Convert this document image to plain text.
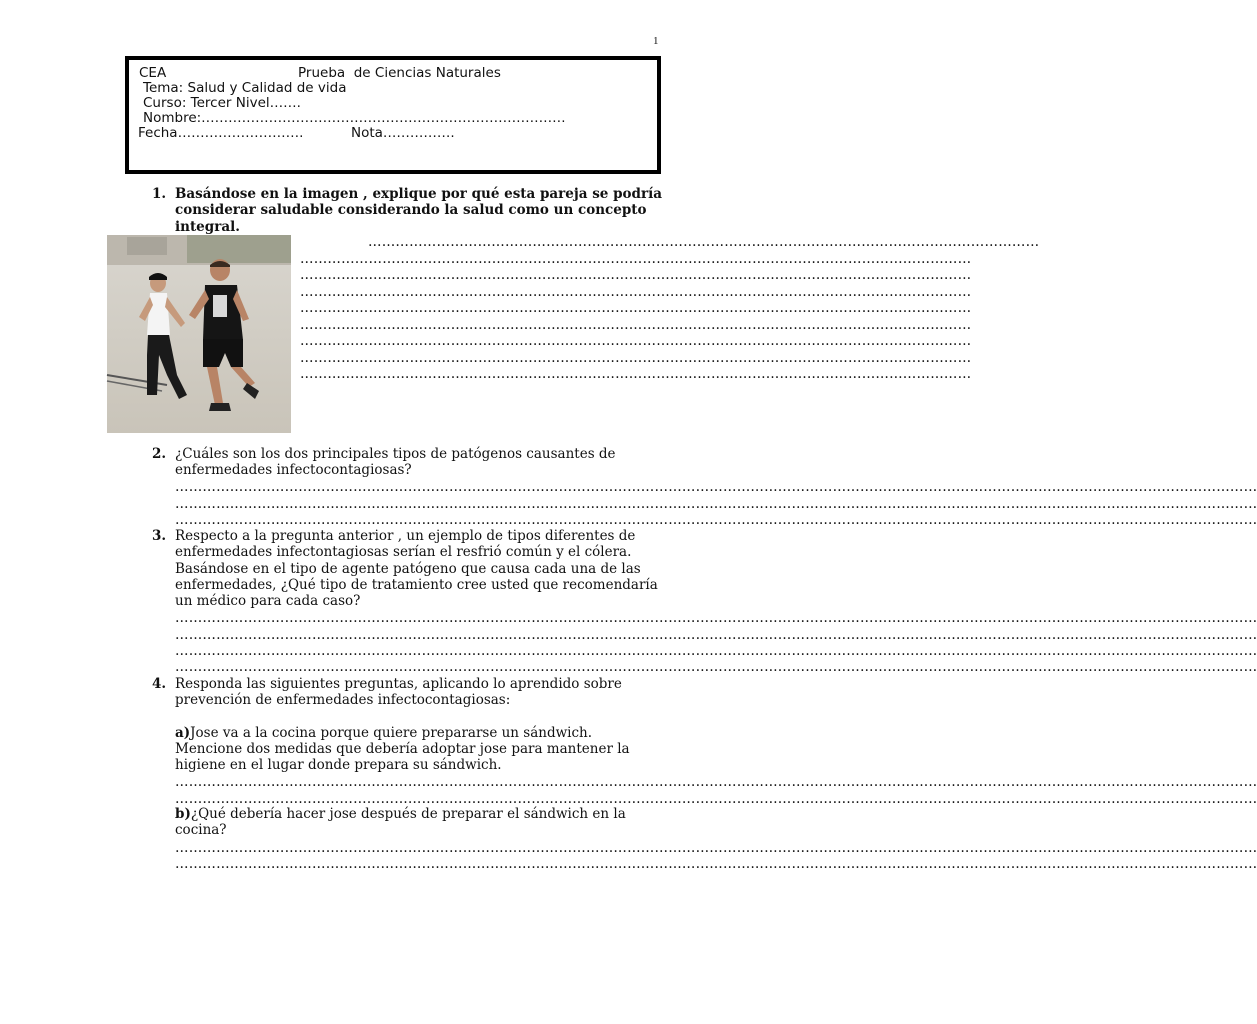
1
CEA	Prueba  de Ciencias Naturales
Tema: Salud y Calidad de vida
Curso: Tercer Nivel…….
Nombre:………………………………………………………………………
Fecha……………………….	Nota…………….
1. Basándose en la imagen , explique por qué esta pareja se podría
considerar saludable considerando la salud como un concepto
integral.
…………………………………………………………………………………………………………………………………
…………………………………………………………………………………………………………………………………
…………………………………………………………………………………………………………………………………
…………………………………………………………………………………………………………………………………
…………………………………………………………………………………………………………………………………
…………………………………………………………………………………………………………………………………
…………………………………………………………………………………………………………………………………
…………………………………………………………………………………………………………………………………
…………………………………………………………………………………………………………………………………
2. ¿Cuáles son los dos principales tipos de patógenos causantes de
enfermedades infectocontagiosas?
…………………………………………………………………………………………………………………………………………………………………………………………………………………
…………………………………………………………………………………………………………………………………………………………………………………………………………………
…………………………………………………………………………………………………………………………………………………………………………………………………………………
3. Respecto a la pregunta anterior , un ejemplo de tipos diferentes de
enfermedades infectontagiosas serían el resfrió común y el cólera.
Basándose en el tipo de agente patógeno que causa cada una de las
enfermedades, ¿Qué tipo de tratamiento cree usted que recomendaría
un médico para cada caso?
…………………………………………………………………………………………………………………………………………………………………………………………………………………
…………………………………………………………………………………………………………………………………………………………………………………………………………………
…………………………………………………………………………………………………………………………………………………………………………………………………………………
…………………………………………………………………………………………………………………………………………………………………………………………………………………
4. Responda las siguientes preguntas, aplicando lo aprendido sobre
prevención de enfermedades infectocontagiosas:
a)Jose va a la cocina porque quiere prepararse un sándwich.
Mencione dos medidas que debería adoptar jose para mantener la
higiene en el lugar donde prepara su sándwich.
…………………………………………………………………………………………………………………………………………………………………………………………………………………
…………………………………………………………………………………………………………………………………………………………………………………………………………………
b)¿Qué debería hacer jose después de preparar el sándwich en la
cocina?
…………………………………………………………………………………………………………………………………………………………………………………………………………………
…………………………………………………………………………………………………………………………………………………………………………………………………………………
